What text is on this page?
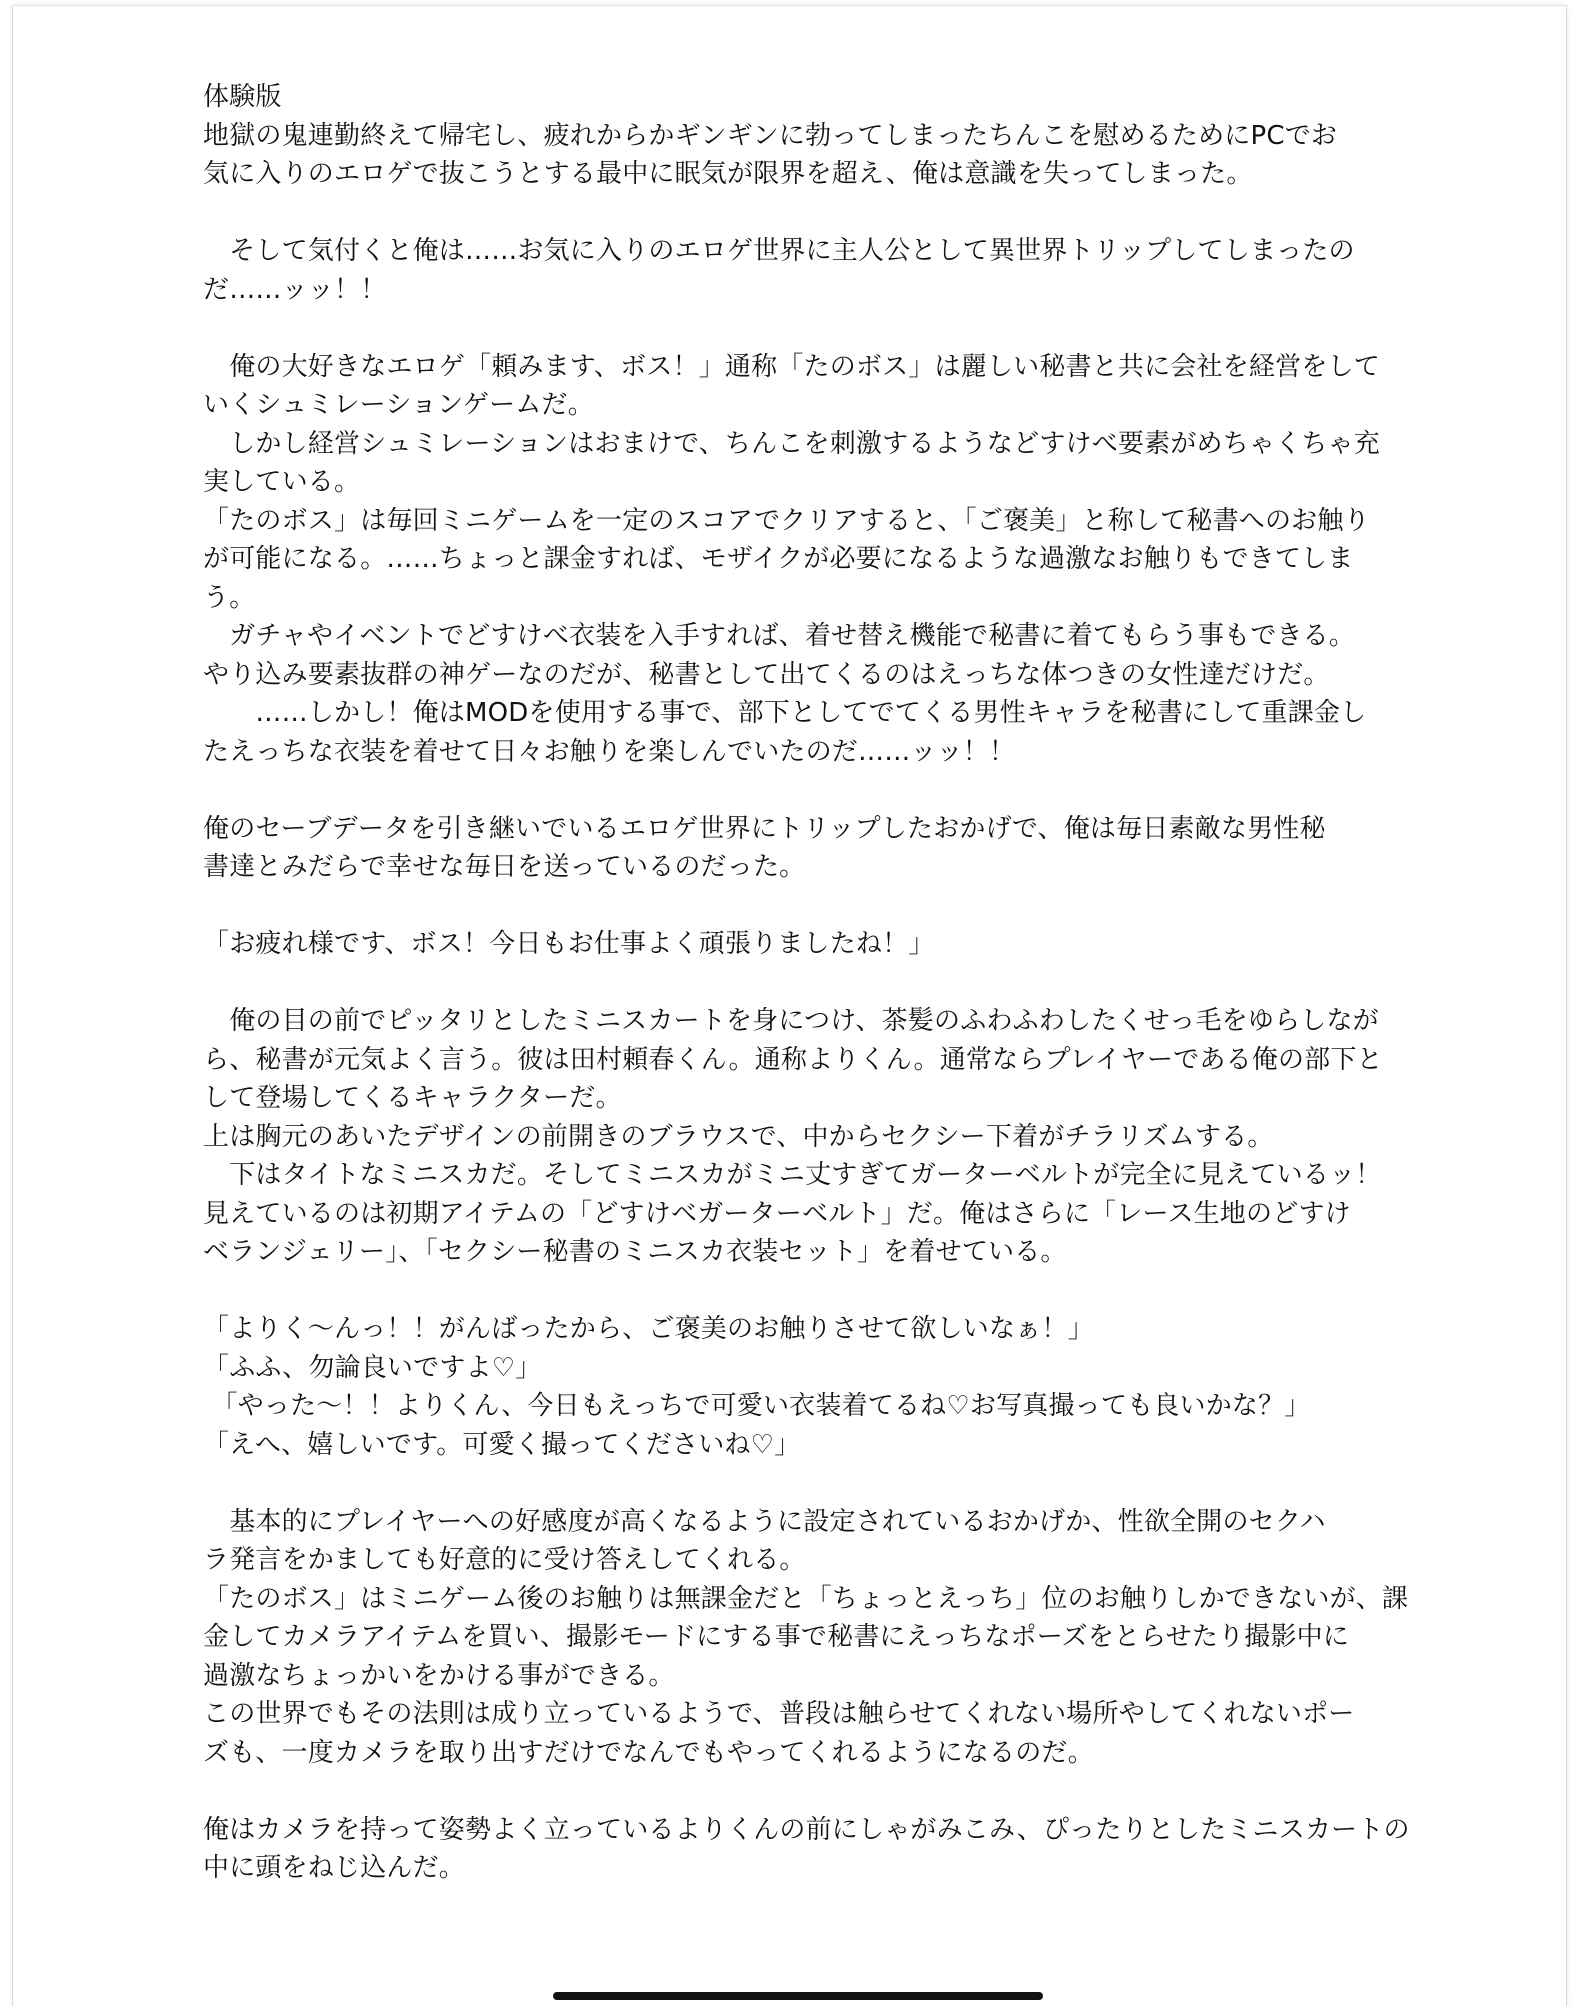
体験版
地獄の鬼連勤終えて帰宅し、疲れからかギンギンに勃ってしまったちんこを慰めるためにPCでお
気に入りのエロゲで抜こうとする最中に眠気が限界を超え、俺は意識を失ってしまった。
　そして気付くと俺は……お気に入りのエロゲ世界に主人公として異世界トリップしてしまったの
だ……ッッ！！
　俺の大好きなエロゲ「頼みます、ボス！」通称「たのボス」は麗しい秘書と共に会社を経営をして
いくシュミレーションゲームだ。
　しかし経営シュミレーションはおまけで、ちんこを刺激するようなどすけべ要素がめちゃくちゃ充
実している。
「たのボス」は毎回ミニゲームを一定のスコアでクリアすると、「ご褒美」と称して秘書へのお触り
が可能になる。……ちょっと課金すれば、モザイクが必要になるような過激なお触りもできてしま
う。
　ガチャやイベントでどすけべ衣装を入手すれば、着せ替え機能で秘書に着てもらう事もできる。
やり込み要素抜群の神ゲーなのだが、秘書として出てくるのはえっちな体つきの女性達だけだ。
　　……しかし！俺はMODを使用する事で、部下としてでてくる男性キャラを秘書にして重課金し
たえっちな衣装を着せて日々お触りを楽しんでいたのだ……ッッ！！
俺のセーブデータを引き継いでいるエロゲ世界にトリップしたおかげで、俺は毎日素敵な男性秘
書達とみだらで幸せな毎日を送っているのだった。
「お疲れ様です、ボス！今日もお仕事よく頑張りましたね！」
　俺の目の前でピッタリとしたミニスカートを身につけ、茶髪のふわふわしたくせっ毛をゆらしなが
ら、秘書が元気よく言う。彼は田村頼春くん。通称よりくん。通常ならプレイヤーである俺の部下と
して登場してくるキャラクターだ。
上は胸元のあいたデザインの前開きのブラウスで、中からセクシー下着がチラリズムする。
　下はタイトなミニスカだ。そしてミニスカがミニ丈すぎてガーターベルトが完全に見えているッ！
見えているのは初期アイテムの「どすけベガーターベルト」だ。俺はさらに「レース生地のどすけ
ベランジェリー」、「セクシー秘書のミニスカ衣装セット」を着せている。
「よりく〜んっ！！がんばったから、ご褒美のお触りさせて欲しいなぁ！」
「ふふ、勿論良いですよ♡」
「やった〜！！よりくん、今日もえっちで可愛い衣装着てるね♡お写真撮っても良いかな？」
「えへ、嬉しいです。可愛く撮ってくださいね♡」
　基本的にプレイヤーへの好感度が高くなるように設定されているおかげか、性欲全開のセクハ
ラ発言をかましても好意的に受け答えしてくれる。
「たのボス」はミニゲーム後のお触りは無課金だと「ちょっとえっち」位のお触りしかできないが、課
金してカメラアイテムを買い、撮影モードにする事で秘書にえっちなポーズをとらせたり撮影中に
過激なちょっかいをかける事ができる。
この世界でもその法則は成り立っているようで、普段は触らせてくれない場所やしてくれないポー
ズも、一度カメラを取り出すだけでなんでもやってくれるようになるのだ。
俺はカメラを持って姿勢よく立っているよりくんの前にしゃがみこみ、ぴったりとしたミニスカートの
中に頭をねじ込んだ。
